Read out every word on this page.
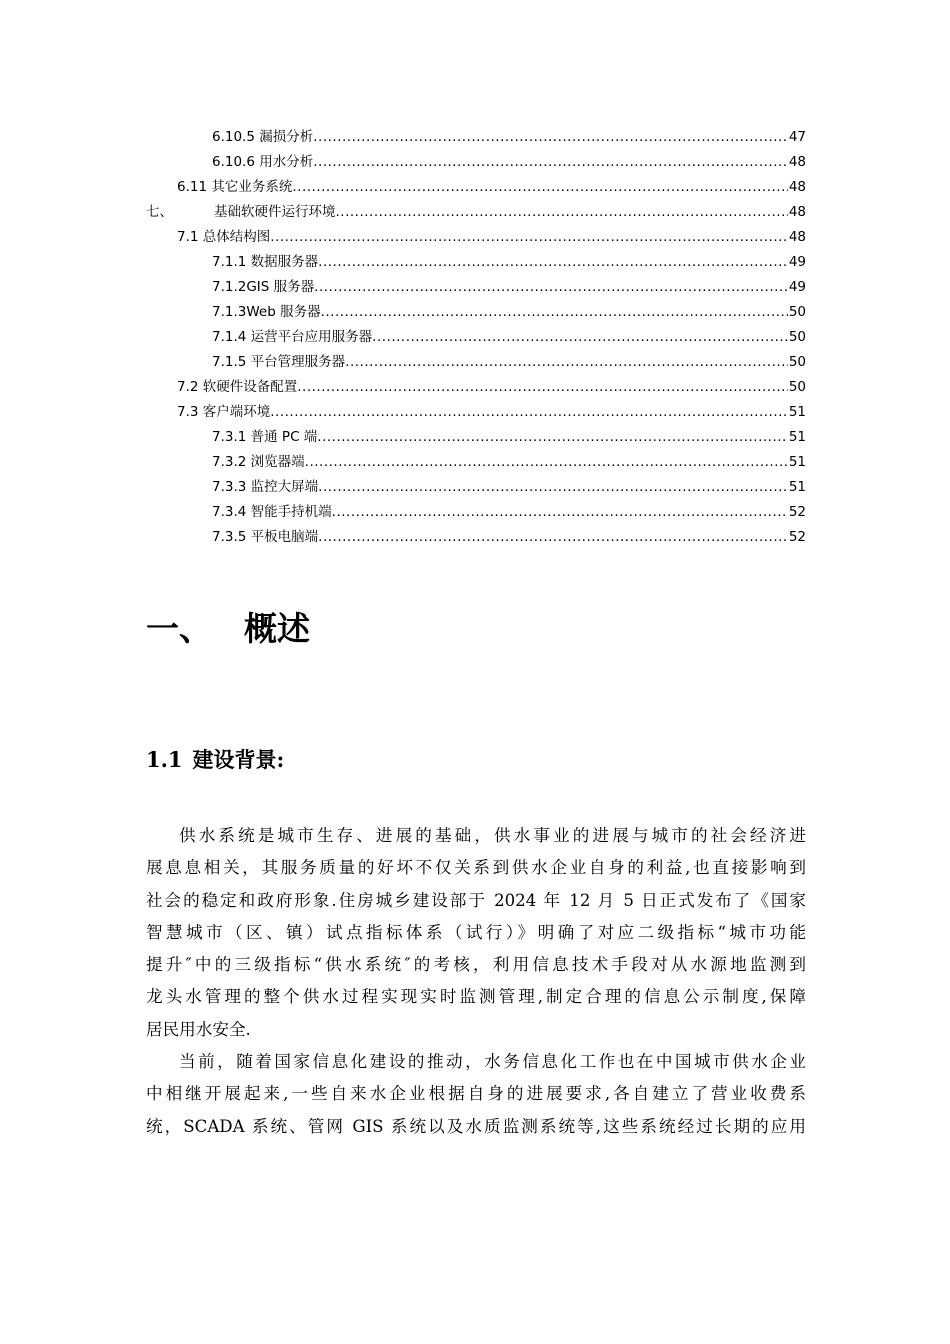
6.10.5 漏损分析 .....	47
6.10.6 用水分析 .....	48
6.11 其它业务系统 .....	48
七、	基础软硬件运行环境 .....	48
7.1 总体结构图 .....	48
7.1.1 数据服务器 .....	49
7.1.2GIS 服务器 .....	49
7.1.3Web 服务器 .....	50
7.1.4 运营平台应用服务器 .....	50
7.1.5 平台管理服务器 .....	50
7.2 软硬件设备配置 .....	50
7.3 客户端环境 .....	51
7.3.1 普通 PC 端 .....	51
7.3.2 浏览器端 .....	51
7.3.3 监控大屏端 .....	51
7.3.4 智能手持机端 .....	52
7.3.5 平板电脑端 .....	52
一、 概述
1.1 建设背景:
供水系统是城市生存、进展的基础，供水事业的进展与城市的社会经济进
展息息相关，其服务质量的好坏不仅关系到供水企业自身的利益,也直接影响到
社会的稳定和政府形象.住房城乡建设部于 2024 年 12 月 5 日正式发布了《国家
智慧城市（区、镇）试点指标体系（试行）》明确了对应二级指标“城市功能
提升″中的三级指标“供水系统″的考核，利用信息技术手段对从水源地监测到
龙头水管理的整个供水过程实现实时监测管理,制定合理的信息公示制度,保障
居民用水安全.
当前，随着国家信息化建设的推动，水务信息化工作也在中国城市供水企业
中相继开展起来,一些自来水企业根据自身的进展要求,各自建立了营业收费系
统，SCADA 系统、管网 GIS 系统以及水质监测系统等,这些系统经过长期的应用
